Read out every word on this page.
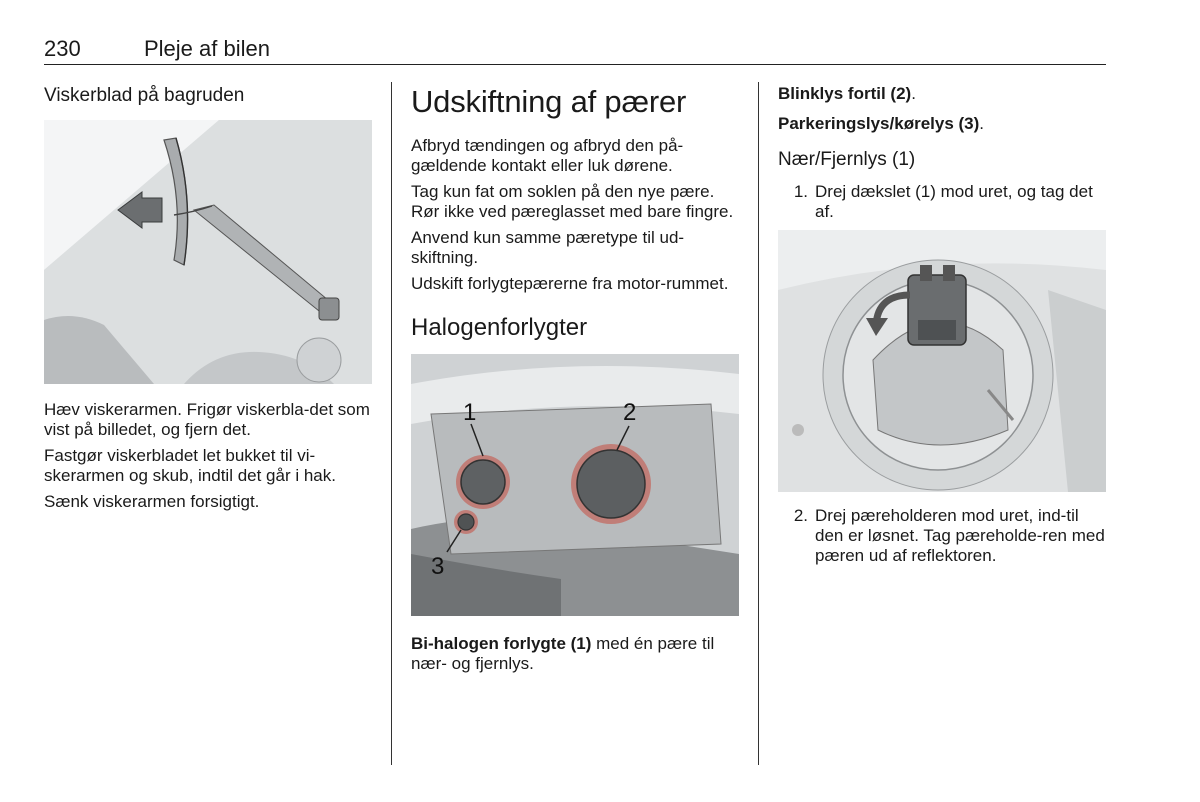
230	Pleje af bilen
Viskerblad på bagruden

Hæv viskerarmen. Frigør viskerbla-det som vist på billedet, og fjern det.

Fastgør viskerbladet let bukket til vi-skerarmen og skub, indtil det går i hak.

Sænk viskerarmen forsigtigt.

Udskiftning af pærer

Afbryd tændingen og afbryd den på-gældende kontakt eller luk dørene.

Tag kun fat om soklen på den nye pære. Rør ikke ved pæreglasset med bare fingre.

Anvend kun samme pæretype til ud-skiftning.

Udskift forlygtepærerne fra motor-rummet.

Halogenforlygter
1	2
3

Bi-halogen forlygte (1) med én pære til nær- og fjernlys.

Blinklys fortil (2).

Parkeringslys/kørelys (3).

Nær/Fjernlys (1)
1. Drej dækslet (1) mod uret, og tag det af.
2. Drej pæreholderen mod uret, ind-til den er løsnet. Tag pæreholde-ren med pæren ud af reflektoren.
